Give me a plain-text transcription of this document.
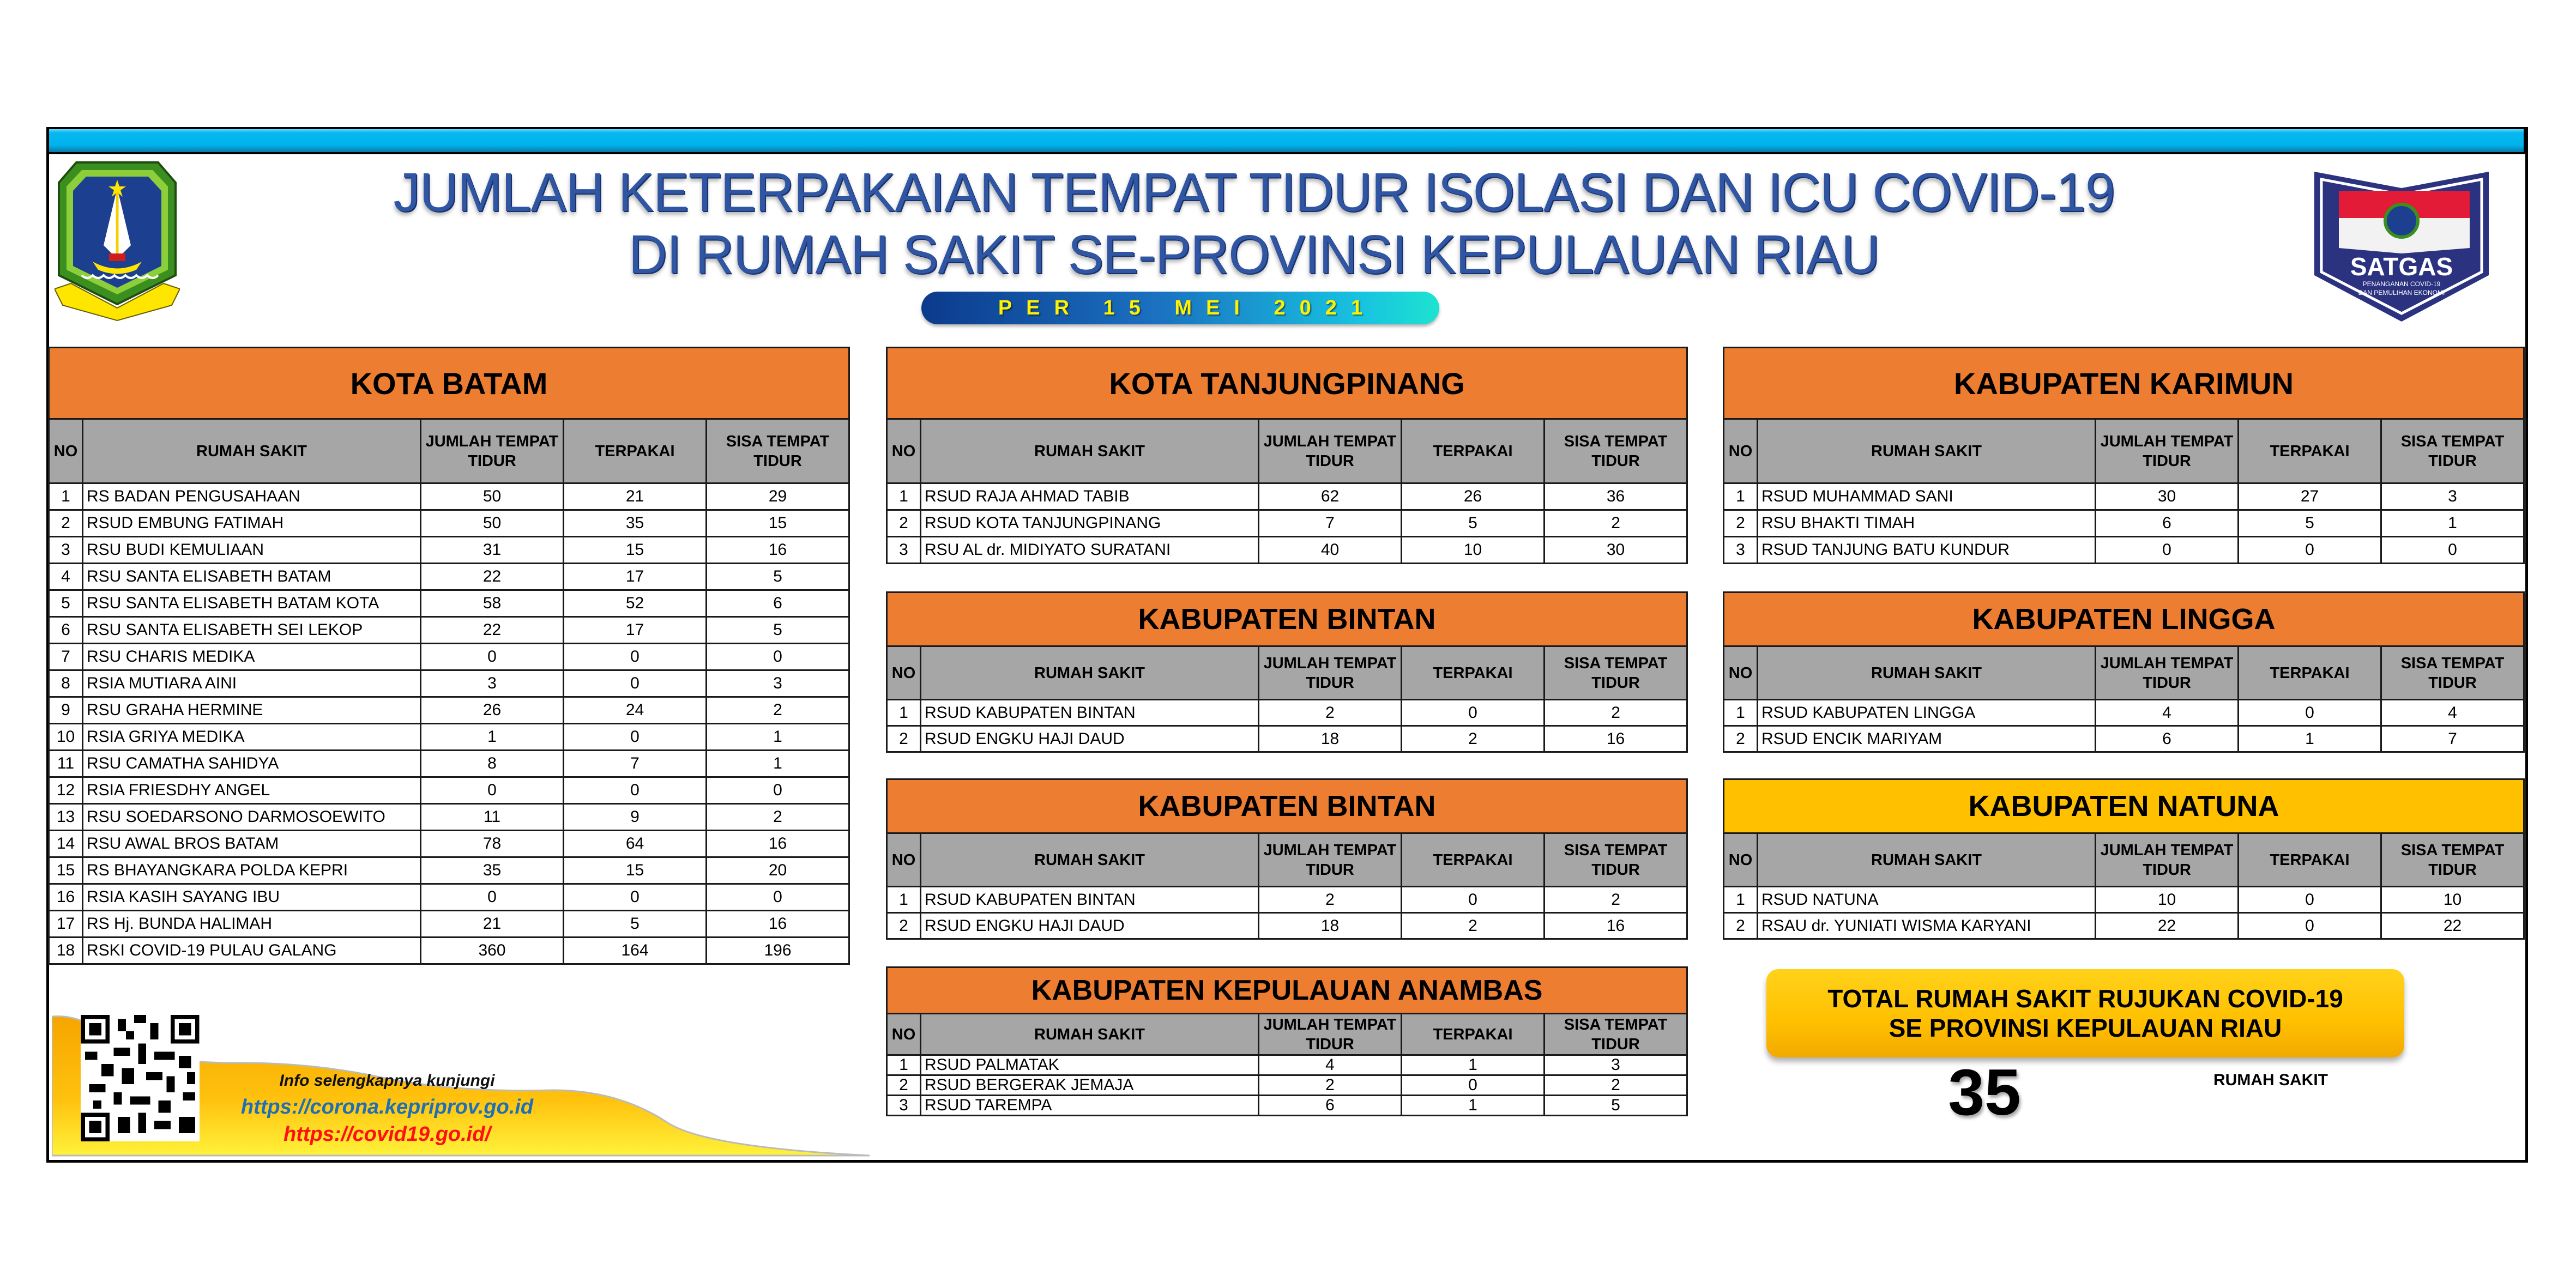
SATGAS
PENANGANAN COVID-19
DAN PEMULIHAN EKONOMI
JUMLAH KETERPAKAIAN TEMPAT TIDUR ISOLASI DAN ICU COVID-19
DI RUMAH SAKIT SE-PROVINSI KEPULAUAN RIAU
PER 15 MEI 2021
KOTA BATAM				
NO	RUMAH SAKIT	JUMLAH TEMPAT TIDUR	TERPAKAI	SISA TEMPAT TIDUR
1	RS BADAN PENGUSAHAAN	50	21	29
2	RSUD EMBUNG FATIMAH	50	35	15
3	RSU BUDI KEMULIAAN	31	15	16
4	RSU SANTA ELISABETH BATAM	22	17	5
5	RSU SANTA ELISABETH BATAM KOTA	58	52	6
6	RSU SANTA ELISABETH SEI LEKOP	22	17	5
7	RSU CHARIS MEDIKA	0	0	0
8	RSIA MUTIARA AINI	3	0	3
9	RSU GRAHA HERMINE	26	24	2
10	RSIA GRIYA MEDIKA	1	0	1
11	RSU CAMATHA SAHIDYA	8	7	1
12	RSIA FRIESDHY ANGEL	0	0	0
13	RSU SOEDARSONO DARMOSOEWITO	11	9	2
14	RSU AWAL BROS BATAM	78	64	16
15	RS BHAYANGKARA POLDA KEPRI	35	15	20
16	RSIA KASIH SAYANG IBU	0	0	0
17	RS Hj. BUNDA HALIMAH	21	5	16
18	RSKI COVID-19 PULAU GALANG	360	164	196
KOTA TANJUNGPINANG				
NO	RUMAH SAKIT	JUMLAH TEMPAT TIDUR	TERPAKAI	SISA TEMPAT TIDUR
1	RSUD RAJA AHMAD TABIB	62	26	36
2	RSUD KOTA TANJUNGPINANG	7	5	2
3	RSU AL dr. MIDIYATO SURATANI	40	10	30
KABUPATEN BINTAN				
NO	RUMAH SAKIT	JUMLAH TEMPAT TIDUR	TERPAKAI	SISA TEMPAT TIDUR
1	RSUD KABUPATEN BINTAN	2	0	2
2	RSUD ENGKU HAJI DAUD	18	2	16
KABUPATEN BINTAN				
NO	RUMAH SAKIT	JUMLAH TEMPAT TIDUR	TERPAKAI	SISA TEMPAT TIDUR
1	RSUD KABUPATEN BINTAN	2	0	2
2	RSUD ENGKU HAJI DAUD	18	2	16
KABUPATEN KEPULAUAN ANAMBAS				
NO	RUMAH SAKIT	JUMLAH TEMPAT TIDUR	TERPAKAI	SISA TEMPAT TIDUR
1	RSUD PALMATAK	4	1	3
2	RSUD BERGERAK JEMAJA	2	0	2
3	RSUD TAREMPA	6	1	5
KABUPATEN KARIMUN				
NO	RUMAH SAKIT	JUMLAH TEMPAT TIDUR	TERPAKAI	SISA TEMPAT TIDUR
1	RSUD MUHAMMAD SANI	30	27	3
2	RSU BHAKTI TIMAH	6	5	1
3	RSUD TANJUNG BATU KUNDUR	0	0	0
KABUPATEN LINGGA				
NO	RUMAH SAKIT	JUMLAH TEMPAT TIDUR	TERPAKAI	SISA TEMPAT TIDUR
1	RSUD KABUPATEN LINGGA	4	0	4
2	RSUD ENCIK MARIYAM	6	1	7
KABUPATEN NATUNA				
NO	RUMAH SAKIT	JUMLAH TEMPAT TIDUR	TERPAKAI	SISA TEMPAT TIDUR
1	RSUD NATUNA	10	0	10
2	RSAU dr. YUNIATI WISMA KARYANI	22	0	22
Info selengkapnya kunjungi
https://corona.kepriprov.go.id
https://covid19.go.id/
TOTAL RUMAH SAKIT RUJUKAN COVID-19
SE PROVINSI KEPULAUAN RIAU
35	RUMAH SAKIT
